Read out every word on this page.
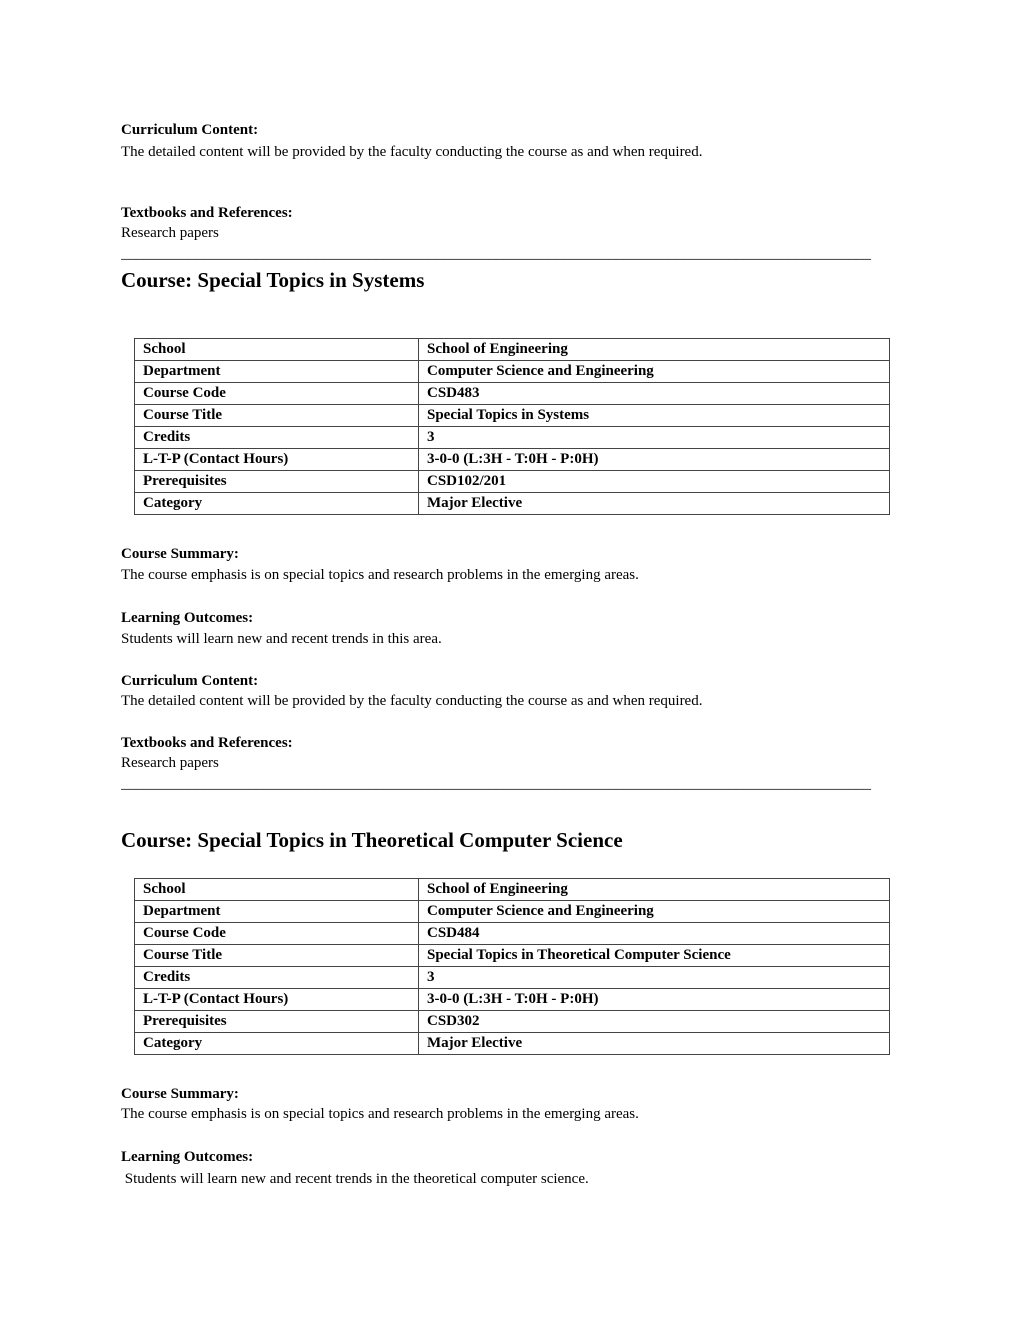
Curriculum Content:
The detailed content will be provided by the faculty conducting the course as and when required.
Textbooks and References:
Research papers
____________________________________________________________________________________________________
Course: Special Topics in Systems
School	School of Engineering
Department	Computer Science and Engineering
Course Code	CSD483
Course Title	Special Topics in Systems
Credits	3
L-T-P (Contact Hours)	3-0-0 (L:3H - T:0H - P:0H)
Prerequisites	CSD102/201
Category	Major Elective
Course Summary:
The course emphasis is on special topics and research problems in the emerging areas.
Learning Outcomes:
Students will learn new and recent trends in this area.
Curriculum Content:
The detailed content will be provided by the faculty conducting the course as and when required.
Textbooks and References:
Research papers
____________________________________________________________________________________________________
Course: Special Topics in Theoretical Computer Science
School	School of Engineering
Department	Computer Science and Engineering
Course Code	CSD484
Course Title	Special Topics in Theoretical Computer Science
Credits	3
L-T-P (Contact Hours)	3-0-0 (L:3H - T:0H - P:0H)
Prerequisites	CSD302
Category	Major Elective
Course Summary:
The course emphasis is on special topics and research problems in the emerging areas.
Learning Outcomes:
Students will learn new and recent trends in the theoretical computer science.
